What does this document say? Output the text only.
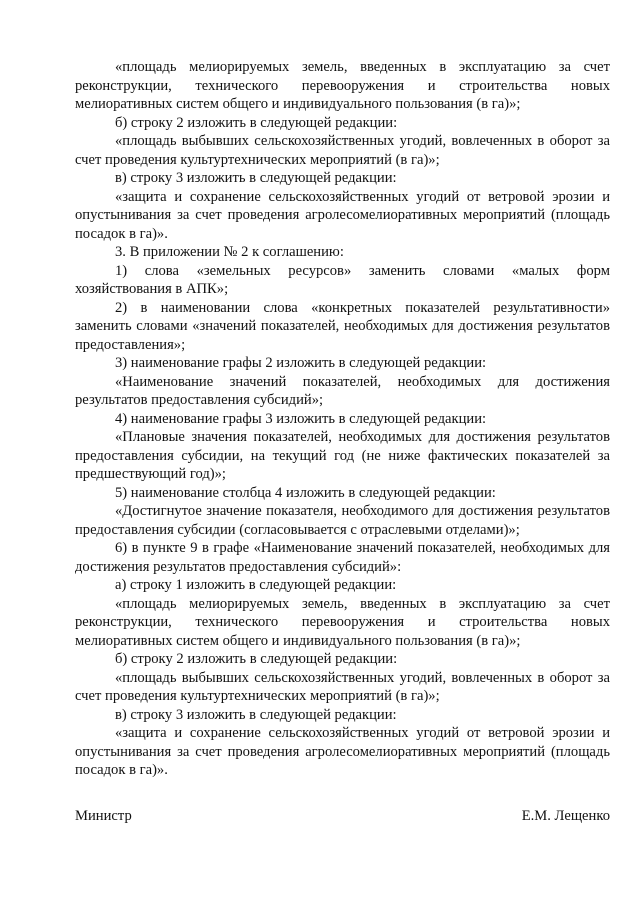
«площадь мелиорируемых земель, введенных в эксплуатацию за счет реконструкции, технического перевооружения и строительства новых мелиоративных систем общего и индивидуального пользования (в га)»;

б) строку 2 изложить в следующей редакции:

«площадь выбывших сельскохозяйственных угодий, вовлеченных в оборот за счет проведения культуртехнических мероприятий (в га)»;

в) строку 3 изложить в следующей редакции:

«защита и сохранение сельскохозяйственных угодий от ветровой эрозии и опустынивания за счет проведения агролесомелиоративных мероприятий (площадь посадок в га)».

3. В приложении № 2 к соглашению:

1) слова «земельных ресурсов» заменить словами «малых форм хозяйствования в АПК»;

2) в наименовании слова «конкретных показателей результативности» заменить словами «значений показателей, необходимых для достижения результатов предоставления»;

3) наименование графы 2 изложить в следующей редакции:

«Наименование значений показателей, необходимых для достижения результатов предоставления субсидий»;

4) наименование графы 3 изложить в следующей редакции:

«Плановые значения показателей, необходимых для достижения результатов предоставления субсидии, на текущий год (не ниже фактических показателей за предшествующий год)»;

5) наименование столбца 4 изложить в следующей редакции:

«Достигнутое значение показателя, необходимого для достижения результатов предоставления субсидии (согласовывается с отраслевыми отделами)»;

6) в пункте 9 в графе «Наименование значений показателей, необходимых для достижения результатов предоставления субсидий»:

а) строку 1 изложить в следующей редакции:

«площадь мелиорируемых земель, введенных в эксплуатацию за счет реконструкции, технического перевооружения и строительства новых мелиоративных систем общего и индивидуального пользования (в га)»;

б) строку 2 изложить в следующей редакции:

«площадь выбывших сельскохозяйственных угодий, вовлеченных в оборот за счет проведения культуртехнических мероприятий (в га)»;

в) строку 3 изложить в следующей редакции:

«защита и сохранение сельскохозяйственных угодий от ветровой эрозии и опустынивания за счет проведения агролесомелиоративных мероприятий (площадь посадок в га)».

Министр	Е.М. Лещенко
